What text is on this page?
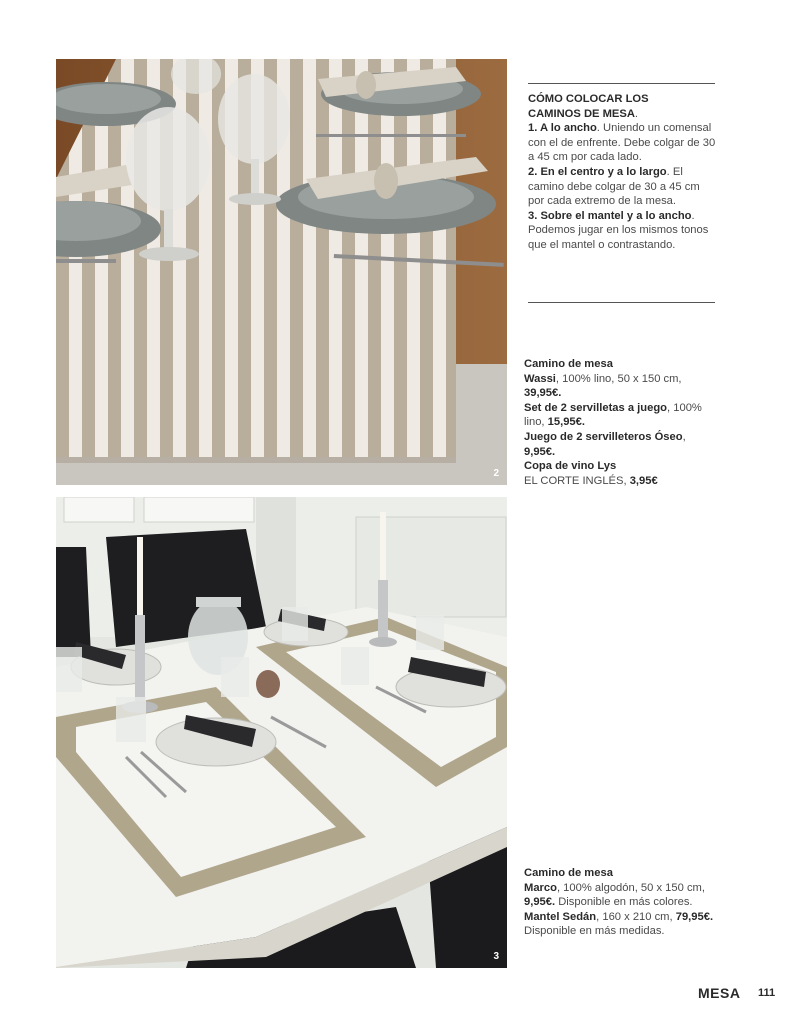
2
CÓMO COLOCAR LOS
CAMINOS DE MESA.
1. A lo ancho. Uniendo un comensal con el de enfrente. Debe colgar de 30 a 45 cm por cada lado.
2. En el centro y a lo largo. El camino debe colgar de 30 a 45 cm por cada extremo de la mesa.
3. Sobre el mantel y a lo ancho. Podemos jugar en los mismos tonos que el mantel o contrastando.
Camino de mesa
Wassi, 100% lino, 50 x 150 cm, 39,95€.
Set de 2 servilletas a juego, 100% lino, 15,95€.
Juego de 2 servilleteros Óseo, 9,95€.
Copa de vino Lys
EL CORTE INGLÉS, 3,95€
3
Camino de mesa
Marco, 100% algodón, 50 x 150 cm, 9,95€. Disponible en más colores. Mantel Sedán, 160 x 210 cm, 79,95€. Disponible en más medidas.
MESA 111
